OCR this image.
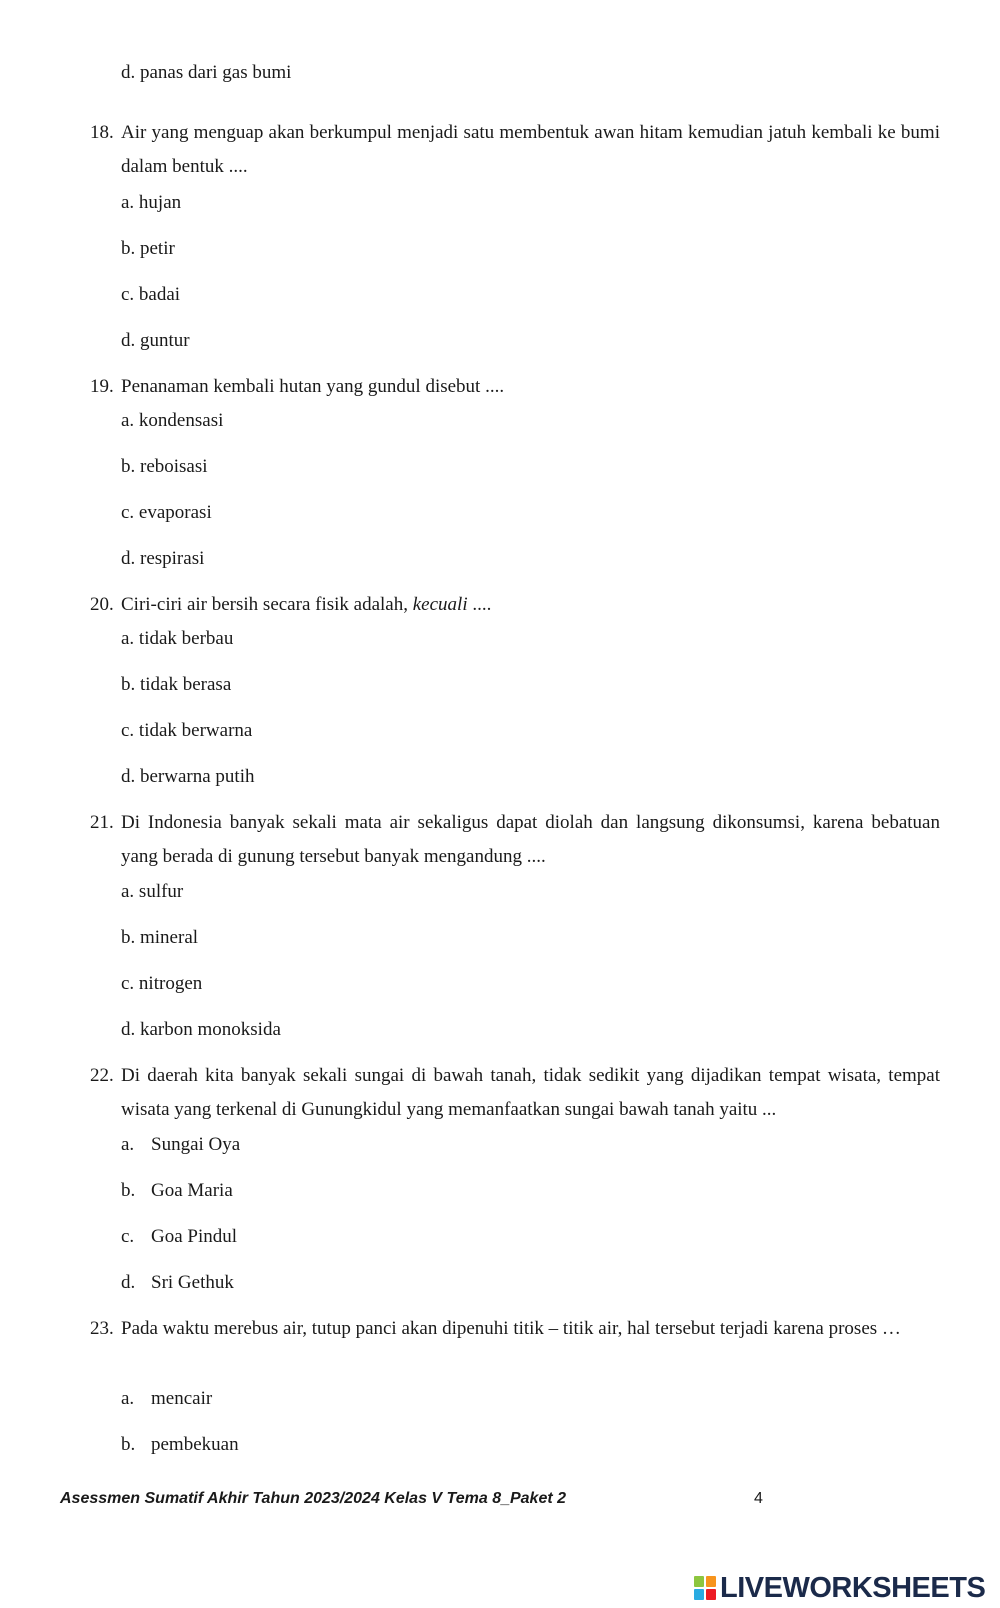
d. panas dari gas bumi
18. Air yang menguap akan berkumpul menjadi satu membentuk awan hitam kemudian jatuh kembali ke bumi dalam bentuk ....
a. hujan
b. petir
c. badai
d. guntur
19. Penanaman kembali hutan yang gundul disebut ....
a. kondensasi
b. reboisasi
c. evaporasi
d. respirasi
20. Ciri-ciri air bersih secara fisik adalah, kecuali ....
a. tidak berbau
b. tidak berasa
c. tidak berwarna
d. berwarna putih
21. Di Indonesia banyak sekali mata air sekaligus dapat diolah dan langsung dikonsumsi, karena bebatuan yang berada di gunung tersebut banyak mengandung ....
a. sulfur
b. mineral
c. nitrogen
d. karbon monoksida
22. Di daerah kita banyak sekali sungai di bawah tanah, tidak sedikit yang dijadikan tempat wisata, tempat wisata yang terkenal di Gunungkidul yang memanfaatkan sungai bawah tanah yaitu ...
a. Sungai Oya
b. Goa Maria
c. Goa Pindul
d. Sri Gethuk
23. Pada waktu merebus air, tutup panci akan dipenuhi titik – titik air, hal tersebut terjadi karena proses …
a. mencair
b. pembekuan
Asessmen Sumatif Akhir Tahun 2023/2024 Kelas V Tema 8_Paket 2	4
LIVEWORKSHEETS
